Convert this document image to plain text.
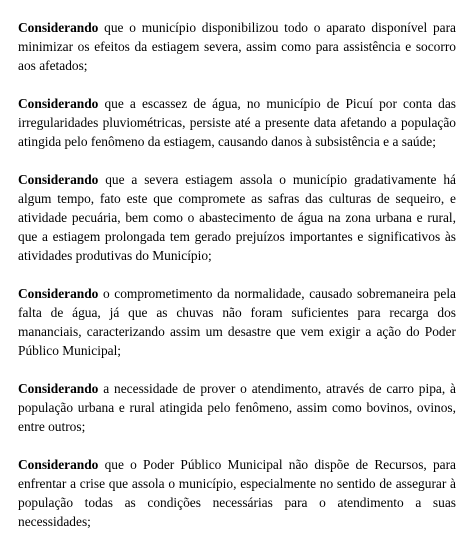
Considerando que o município disponibilizou todo o aparato disponível para minimizar os efeitos da estiagem severa, assim como para assistência e socorro aos afetados;

Considerando que a escassez de água, no município de Picuí por conta das irregularidades pluviométricas, persiste até a presente data afetando a população atingida pelo fenômeno da estiagem, causando danos à subsistência e a saúde;

Considerando que a severa estiagem assola o município gradativamente há algum tempo, fato este que compromete as safras das culturas de sequeiro, e atividade pecuária, bem como o abastecimento de água na zona urbana e rural, que a estiagem prolongada tem gerado prejuízos importantes e significativos às atividades produtivas do Município;

Considerando o comprometimento da normalidade, causado sobremaneira pela falta de água, já que as chuvas não foram suficientes para recarga dos mananciais, caracterizando assim um desastre que vem exigir a ação do Poder Público Municipal;

Considerando a necessidade de prover o atendimento, através de carro pipa, à população urbana e rural atingida pelo fenômeno, assim como bovinos, ovinos, entre outros;

Considerando que o Poder Público Municipal não dispõe de Recursos, para enfrentar a crise que assola o município, especialmente no sentido de assegurar à população todas as condições necessárias para o atendimento a suas necessidades;
